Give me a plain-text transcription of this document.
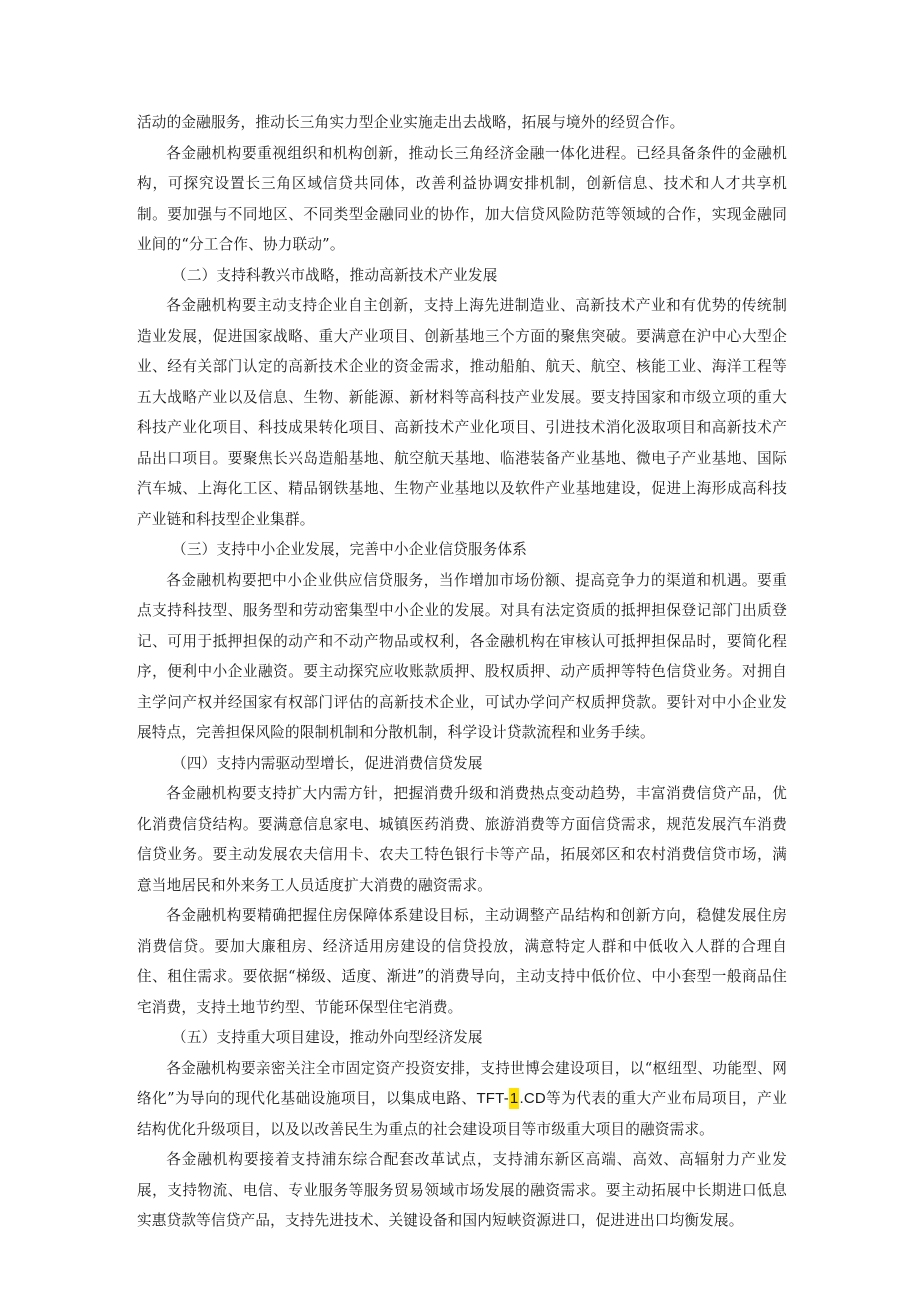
活动的金融服务，推动长三角实力型企业实施走出去战略，拓展与境外的经贸合作。

各金融机构要重视组织和机构创新，推动长三角经济金融一体化进程。已经具备条件的金融机构，可探究设置长三角区域信贷共同体，改善利益协调安排机制，创新信息、技术和人才共享机制。要加强与不同地区、不同类型金融同业的协作，加大信贷风险防范等领域的合作，实现金融同业间的“分工合作、协力联动”。

（二）支持科教兴市战略，推动高新技术产业发展

各金融机构要主动支持企业自主创新，支持上海先进制造业、高新技术产业和有优势的传统制造业发展，促进国家战略、重大产业项目、创新基地三个方面的聚焦突破。要满意在沪中心大型企业、经有关部门认定的高新技术企业的资金需求，推动船舶、航天、航空、核能工业、海洋工程等五大战略产业以及信息、生物、新能源、新材料等高科技产业发展。要支持国家和市级立项的重大科技产业化项目、科技成果转化项目、高新技术产业化项目、引进技术消化汲取项目和高新技术产品出口项目。要聚焦长兴岛造船基地、航空航天基地、临港装备产业基地、微电子产业基地、国际汽车城、上海化工区、精品钢铁基地、生物产业基地以及软件产业基地建设，促进上海形成高科技产业链和科技型企业集群。

（三）支持中小企业发展，完善中小企业信贷服务体系

各金融机构要把中小企业供应信贷服务，当作增加市场份额、提高竞争力的渠道和机遇。要重点支持科技型、服务型和劳动密集型中小企业的发展。对具有法定资质的抵押担保登记部门出质登记、可用于抵押担保的动产和不动产物品或权利，各金融机构在审核认可抵押担保品时，要简化程序，便利中小企业融资。要主动探究应收账款质押、股权质押、动产质押等特色信贷业务。对拥自主学问产权并经国家有权部门评估的高新技术企业，可试办学问产权质押贷款。要针对中小企业发展特点，完善担保风险的限制机制和分散机制，科学设计贷款流程和业务手续。

（四）支持内需驱动型增长，促进消费信贷发展

各金融机构要支持扩大内需方针，把握消费升级和消费热点变动趋势，丰富消费信贷产品，优化消费信贷结构。要满意信息家电、城镇医药消费、旅游消费等方面信贷需求，规范发展汽车消费信贷业务。要主动发展农夫信用卡、农夫工特色银行卡等产品，拓展郊区和农村消费信贷市场，满意当地居民和外来务工人员适度扩大消费的融资需求。

各金融机构要精确把握住房保障体系建设目标，主动调整产品结构和创新方向，稳健发展住房消费信贷。要加大廉租房、经济适用房建设的信贷投放，满意特定人群和中低收入人群的合理自住、租住需求。要依据“梯级、适度、渐进”的消费导向，主动支持中低价位、中小套型一般商品住宅消费，支持土地节约型、节能环保型住宅消费。

（五）支持重大项目建设，推动外向型经济发展

各金融机构要亲密关注全市固定资产投资安排，支持世博会建设项目，以“枢纽型、功能型、网络化”为导向的现代化基础设施项目，以集成电路、TFT-1.CD等为代表的重大产业布局项目，产业结构优化升级项目，以及以改善民生为重点的社会建设项目等市级重大项目的融资需求。

各金融机构要接着支持浦东综合配套改革试点，支持浦东新区高端、高效、高辐射力产业发展，支持物流、电信、专业服务等服务贸易领域市场发展的融资需求。要主动拓展中长期进口低息实惠贷款等信贷产品，支持先进技术、关键设备和国内短峡资源进口，促进进出口均衡发展。
